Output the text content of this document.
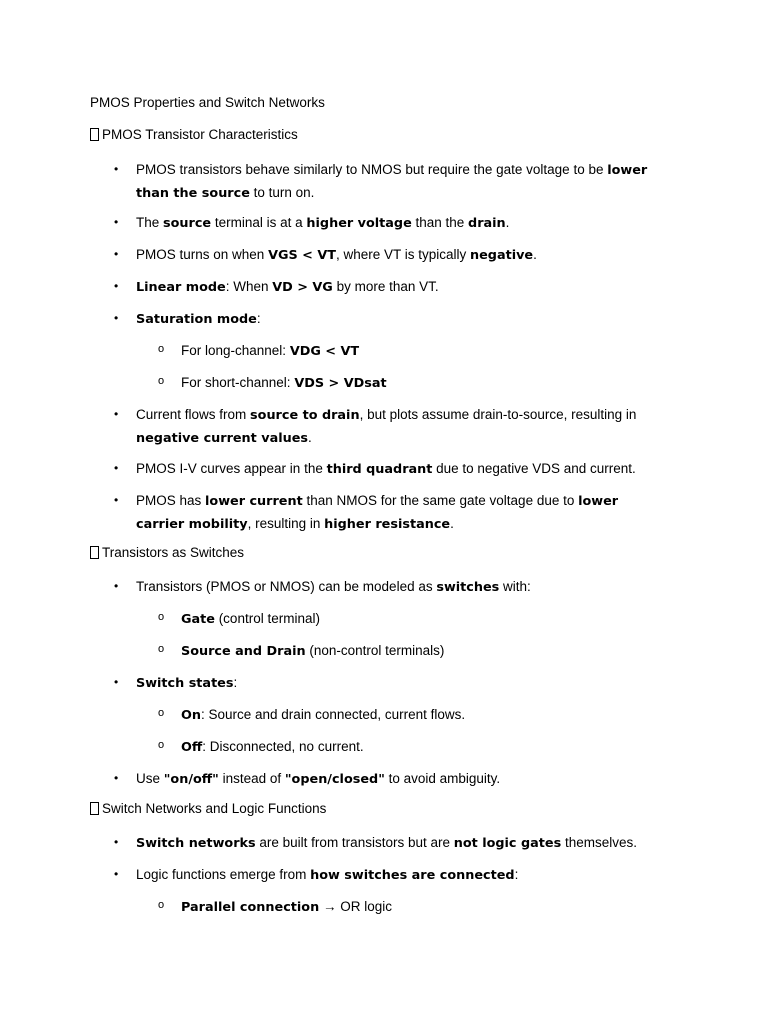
PMOS Properties and Switch Networks
PMOS Transistor Characteristics
• PMOS transistors behave similarly to NMOS but require the gate voltage to be lower than the source to turn on.
• The source terminal is at a higher voltage than the drain.
• PMOS turns on when VGS < VT, where VT is typically negative.
• Linear mode: When VD > VG by more than VT.
• Saturation mode:
o For long-channel: VDG < VT
o For short-channel: VDS > VDsat
• Current flows from source to drain, but plots assume drain-to-source, resulting in negative current values.
• PMOS I-V curves appear in the third quadrant due to negative VDS and current.
• PMOS has lower current than NMOS for the same gate voltage due to lower carrier mobility, resulting in higher resistance.
Transistors as Switches
• Transistors (PMOS or NMOS) can be modeled as switches with:
o Gate (control terminal)
o Source and Drain (non-control terminals)
• Switch states:
o On: Source and drain connected, current flows.
o Off: Disconnected, no current.
• Use "on/off" instead of "open/closed" to avoid ambiguity.
Switch Networks and Logic Functions
• Switch networks are built from transistors but are not logic gates themselves.
• Logic functions emerge from how switches are connected:
o Parallel connection → OR logic
